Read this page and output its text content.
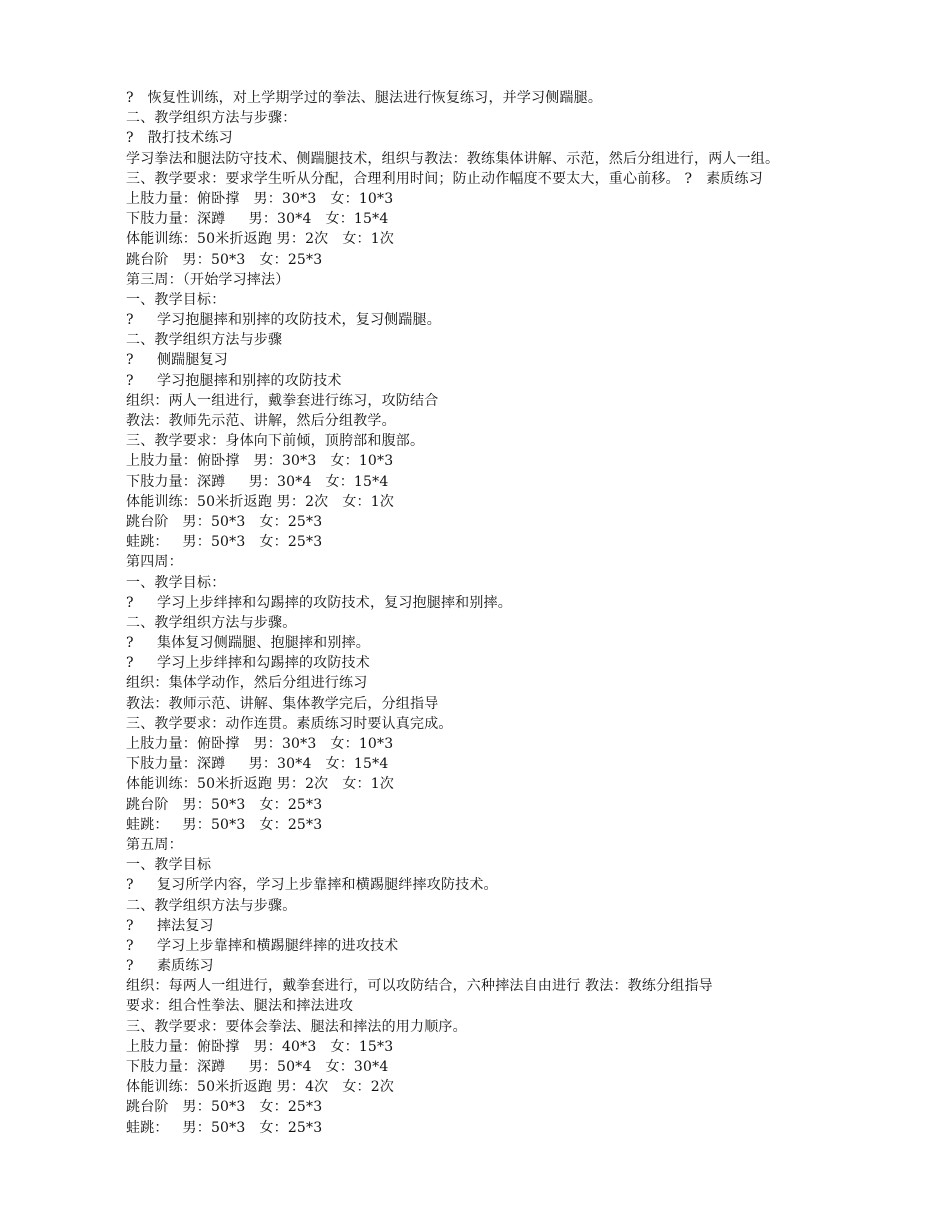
?   恢复性训练，对上学期学过的拳法、腿法进行恢复练习，并学习侧踹腿。
二、教学组织方法与步骤：
?   散打技术练习
学习拳法和腿法防守技术、侧踹腿技术，组织与教法：教练集体讲解、示范，然后分组进行，两人一组。
三、教学要求：要求学生听从分配，合理利用时间；防止动作幅度不要太大，重心前移。 ?   素质练习
上肢力量：俯卧撑   男：30*3   女：10*3
下肢力量：深蹲     男：30*4   女：15*4
体能训练：50米折返跑 男：2次   女：1次
跳台阶   男：50*3   女：25*3
第三周：（开始学习摔法）
一、教学目标：
?     学习抱腿摔和别摔的攻防技术，复习侧踹腿。
二、教学组织方法与步骤
?     侧踹腿复习
?     学习抱腿摔和别摔的攻防技术
组织：两人一组进行，戴拳套进行练习，攻防结合
教法：教师先示范、讲解，然后分组教学。
三、教学要求：身体向下前倾，顶胯部和腹部。
上肢力量：俯卧撑   男：30*3   女：10*3
下肢力量：深蹲     男：30*4   女：15*4
体能训练：50米折返跑 男：2次   女：1次
跳台阶   男：50*3   女：25*3
蛙跳：   男：50*3   女：25*3
第四周：
一、教学目标：
?     学习上步绊摔和勾踢摔的攻防技术，复习抱腿摔和别摔。
二、教学组织方法与步骤。
?     集体复习侧踹腿、抱腿摔和别摔。
?     学习上步绊摔和勾踢摔的攻防技术
组织：集体学动作，然后分组进行练习
教法：教师示范、讲解、集体教学完后，分组指导
三、教学要求：动作连贯。素质练习时要认真完成。
上肢力量：俯卧撑   男：30*3   女：10*3
下肢力量：深蹲     男：30*4   女：15*4
体能训练：50米折返跑 男：2次   女：1次
跳台阶   男：50*3   女：25*3
蛙跳：   男：50*3   女：25*3
第五周：
一、教学目标
?     复习所学内容，学习上步靠摔和横踢腿绊摔攻防技术。
二、教学组织方法与步骤。
?     摔法复习
?     学习上步靠摔和横踢腿绊摔的进攻技术
?     素质练习
组织：每两人一组进行，戴拳套进行，可以攻防结合，六种摔法自由进行 教法：教练分组指导
要求：组合性拳法、腿法和摔法进攻
三、教学要求：要体会拳法、腿法和摔法的用力顺序。
上肢力量：俯卧撑   男：40*3   女：15*3
下肢力量：深蹲     男：50*4   女：30*4
体能训练：50米折返跑 男：4次   女：2次
跳台阶   男：50*3   女：25*3
蛙跳：   男：50*3   女：25*3
